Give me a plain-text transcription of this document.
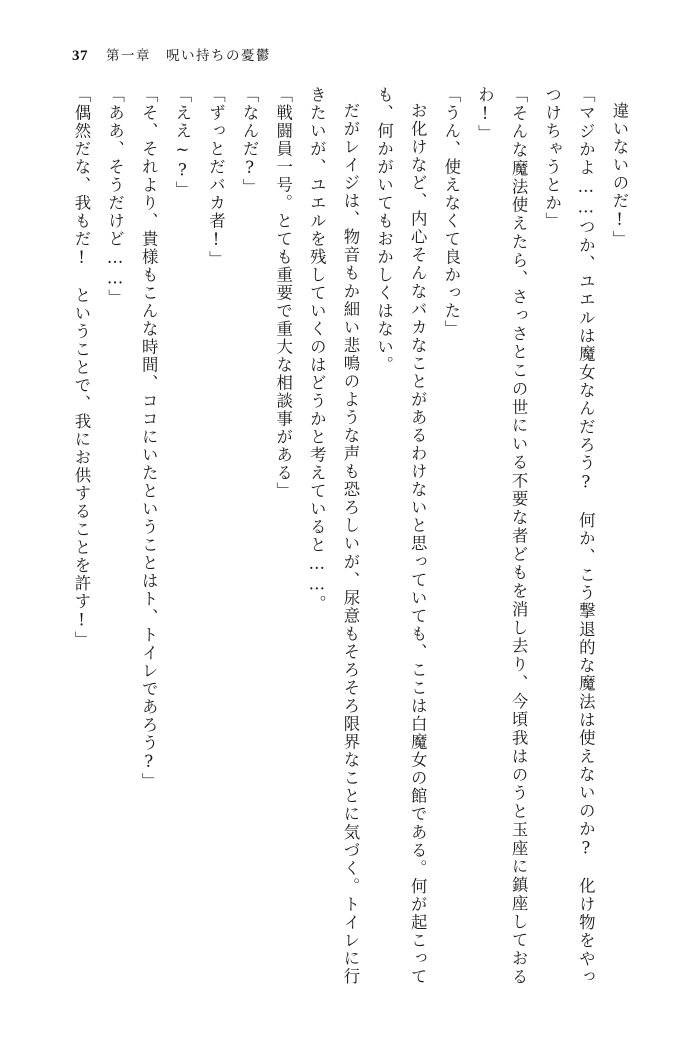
37 第一章　呪い持ちの憂鬱

違いないのだ!」

「マジかよ……つか、ユエルは魔女なんだろう?　何か、こう撃退的な魔法は使えないのか?　化け物をやっつけちゃうとか」

「そんな魔法使えたら、さっさとこの世にいる不要な者どもを消し去り、今頃我はのうと玉座に鎮座しておるわ!」

「うん、使えなくて良かった」

お化けなど、内心そんなバカなことがあるわけないと思っていても、ここは白魔女の館である。何が起こっても、何かがいてもおかしくはない。

だがレイジは、物音もか細い悲鳴のような声も恐ろしいが、尿意もそろそろ限界なことに気づく。トイレに行きたいが、ユエルを残していくのはどうかと考えていると……。

「戦闘員一号。とても重要で重大な相談事がある」

「なんだ?」

「ずっとだバカ者!」

「ええ~?」

「そ、それより、貴様もこんな時間、ココにいたということはト、トイレであろう?」

「ああ、そうだけど……」

「偶然だな、我もだ!　ということで、我にお供することを許す!」
